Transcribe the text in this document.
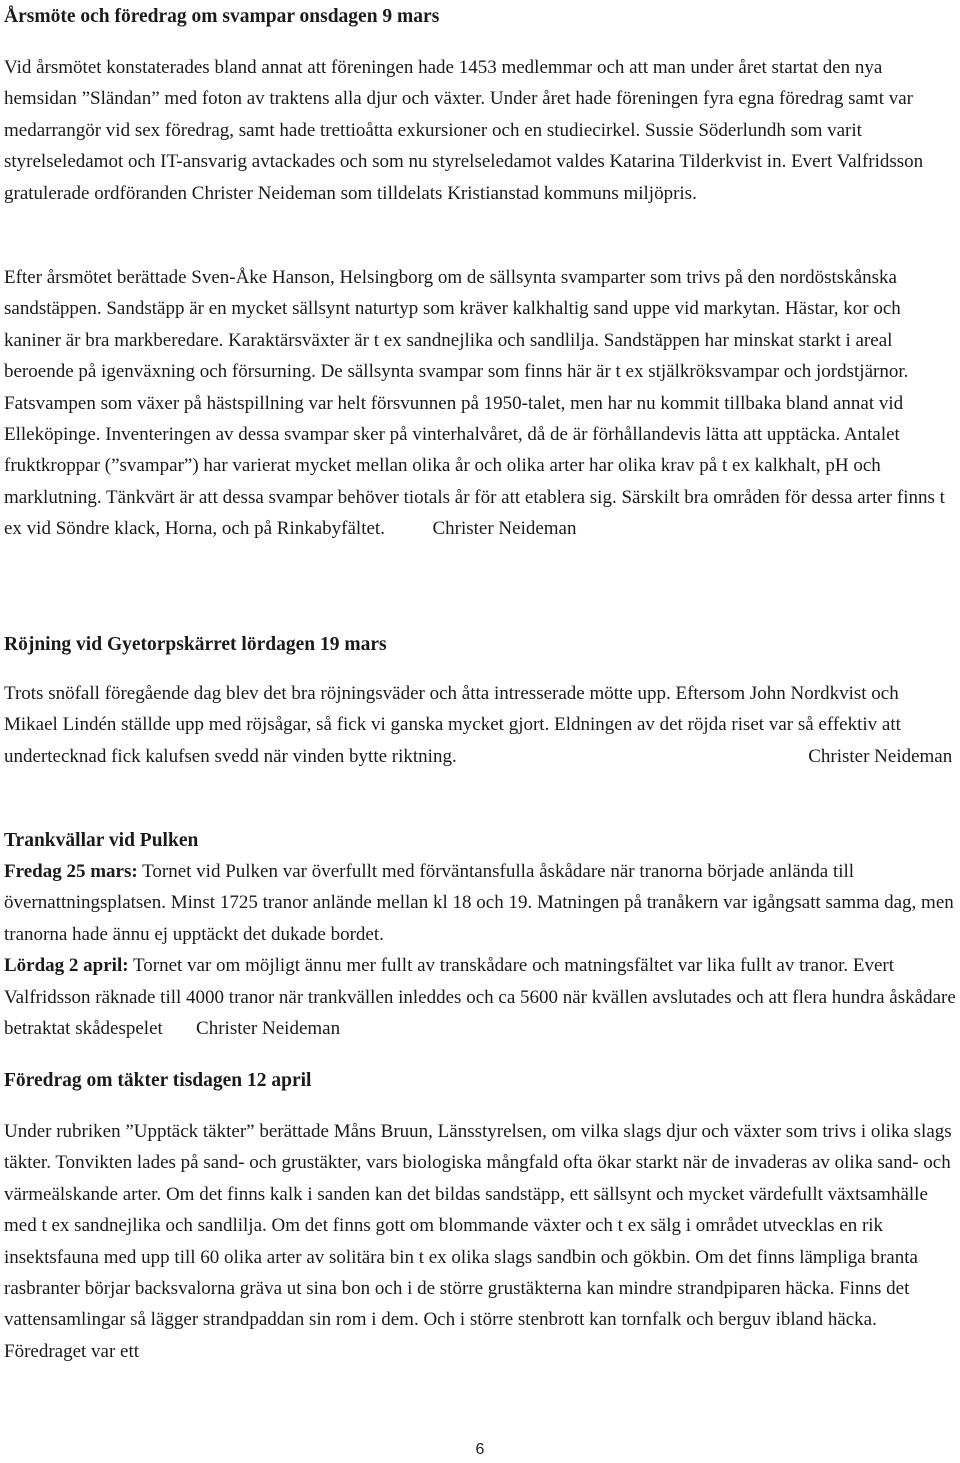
Årsmöte och föredrag om svampar onsdagen 9 mars

Vid årsmötet konstaterades bland annat att föreningen hade 1453 medlemmar och att man under året startat den nya hemsidan ”Sländan” med foton av traktens alla djur och växter. Under året hade föreningen fyra egna föredrag samt var medarrangör vid sex föredrag, samt hade trettioåtta exkursioner och en studiecirkel. Sussie Söderlundh som varit styrelseledamot och IT-ansvarig avtackades och som nu styrelseledamot valdes Katarina Tilderkvist in. Evert Valfridsson gratulerade ordföranden Christer Neideman som tilldelats Kristianstad kommuns miljöpris.

Efter årsmötet berättade Sven-Åke Hanson, Helsingborg om de sällsynta svamparter som trivs på den nordöstskånska sandstäppen. Sandstäpp är en mycket sällsynt naturtyp som kräver kalkhaltig sand uppe vid markytan. Hästar, kor och kaniner är bra markberedare. Karaktärsväxter är t ex sandnejlika och sandlilja. Sandstäppen har minskat starkt i areal beroende på igenväxning och försurning. De sällsynta svampar som finns här är t ex stjälkröksvampar och jordstjärnor. Fatsvampen som växer på hästspillning var helt försvunnen på 1950-talet, men har nu kommit tillbaka bland annat vid Elleköpinge. Inventeringen av dessa svampar sker på vinterhalvåret, då de är förhållandevis lätta att upptäcka. Antalet fruktkroppar (”svampar”) har varierat mycket mellan olika år och olika arter har olika krav på t ex kalkhalt, pH och marklutning. Tänkvärt är att dessa svampar behöver tiotals år för att etablera sig. Särskilt bra områden för dessa arter finns t ex vid Söndre klack, Horna, och på Rinkabyfältet.	Christer Neideman

Röjning vid Gyetorpskärret lördagen 19 mars

Trots snöfall föregående dag blev det bra röjningsväder och åtta intresserade mötte upp. Eftersom John Nordkvist och Mikael Lindén ställde upp med röjsågar, så fick vi ganska mycket gjort. Eldningen av det röjda riset var så effektiv att undertecknad fick kalufsen svedd när vinden bytte riktning.	Christer Neideman

Trankvällar vid Pulken

Fredag 25 mars: Tornet vid Pulken var överfullt med förväntansfulla åskådare när tranorna började anlända till övernattningsplatsen. Minst 1725 tranor anlände mellan kl 18 och 19. Matningen på tranåkern var igångsatt samma dag, men tranorna hade ännu ej upptäckt det dukade bordet.
Lördag 2 april: Tornet var om möjligt ännu mer fullt av transkådare och matningsfältet var lika fullt av tranor. Evert Valfridsson räknade till 4000 tranor när trankvällen inleddes och ca 5600 när kvällen avslutades och att flera hundra åskådare betraktat skådespelet Christer Neideman

Föredrag om täkter tisdagen 12 april

Under rubriken ”Upptäck täkter” berättade Måns Bruun, Länsstyrelsen, om vilka slags djur och växter som trivs i olika slags täkter. Tonvikten lades på sand- och grustäkter, vars biologiska mångfald ofta ökar starkt när de invaderas av olika sand- och värmeälskande arter. Om det finns kalk i sanden kan det bildas sandstäpp, ett sällsynt och mycket värdefullt växtsamhälle med t ex sandnejlika och sandlilja. Om det finns gott om blommande växter och t ex sälg i området utvecklas en rik insektsfauna med upp till 60 olika arter av solitära bin t ex olika slags sandbin och gökbin. Om det finns lämpliga branta rasbranter börjar backsvalorna gräva ut sina bon och i de större grustäkterna kan mindre strandpiparen häcka. Finns det vattensamlingar så lägger strandpaddan sin rom i dem. Och i större stenbrott kan tornfalk och berguv ibland häcka. Föredraget var ett

6
